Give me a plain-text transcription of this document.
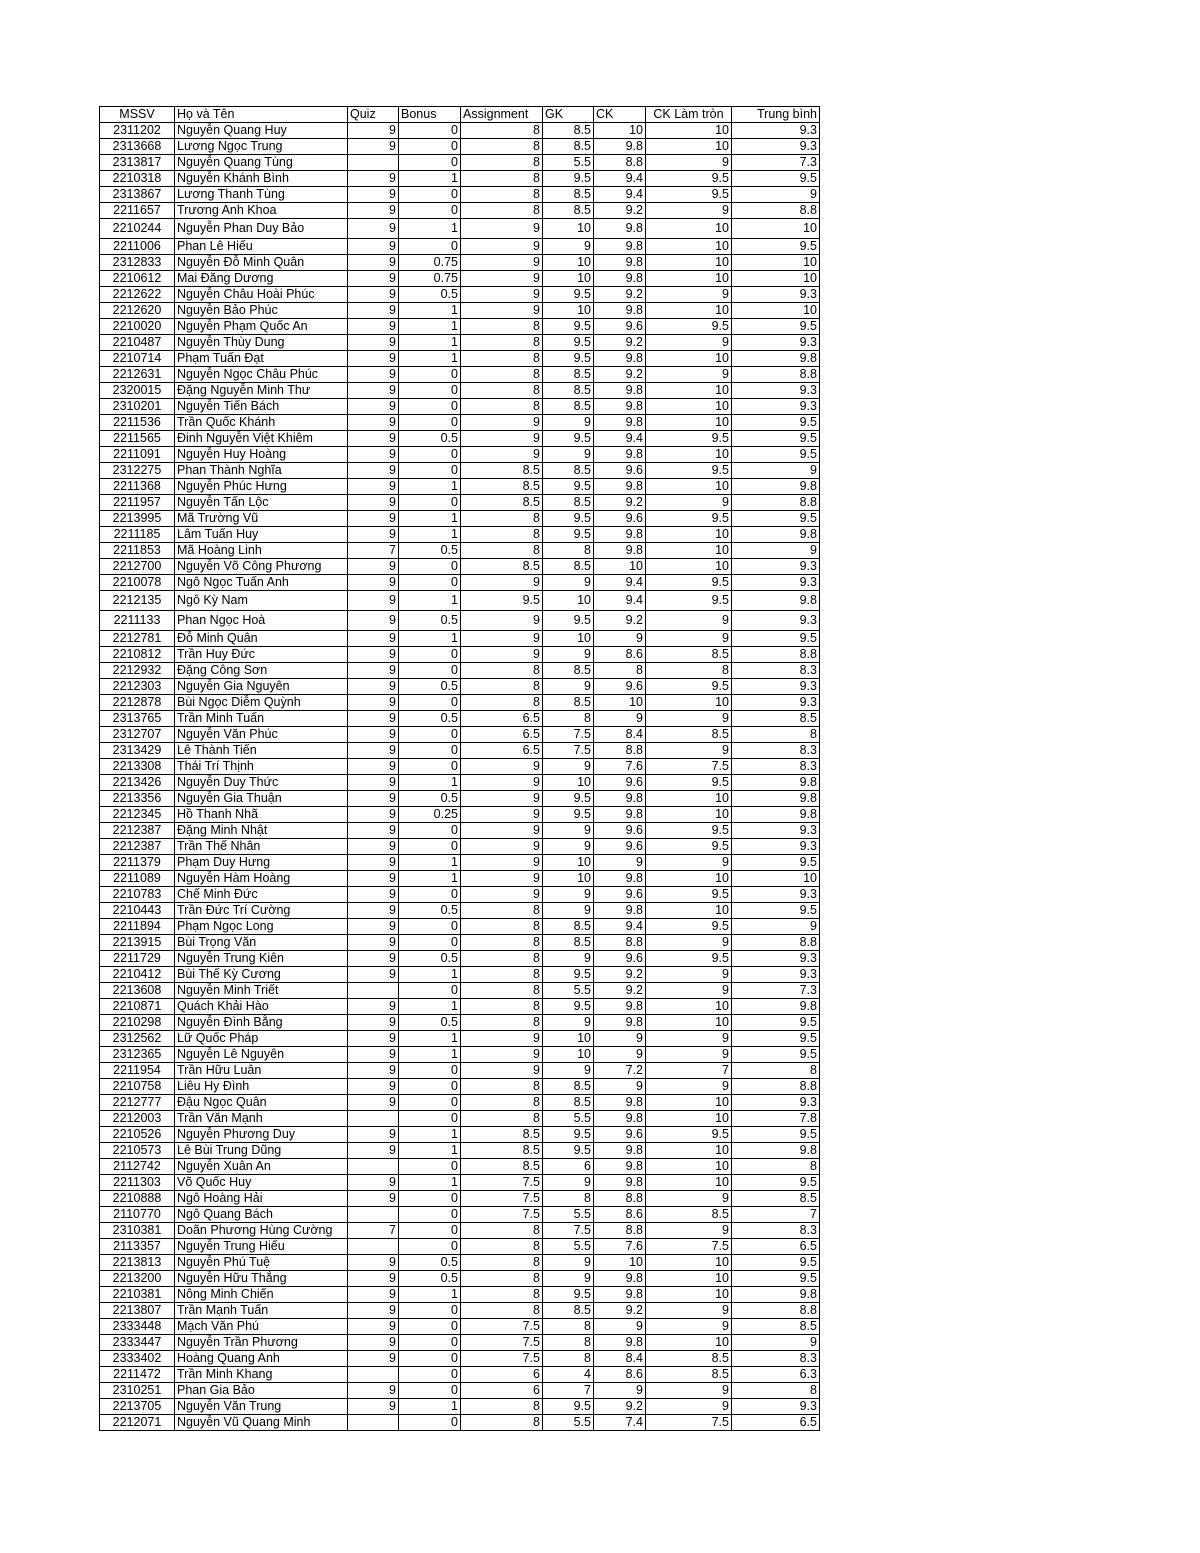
MSSV	Họ và Tên	Quiz	Bonus	Assignment	GK	CK	CK Làm tròn	Trung bình
2311202	Nguyễn Quang Huy	9	0	8	8.5	10	10	9.3
2313668	Lương Ngọc Trung	9	0	8	8.5	9.8	10	9.3
2313817	Nguyễn Quang Tùng		0	8	5.5	8.8	9	7.3
2210318	Nguyễn Khánh Bình	9	1	8	9.5	9.4	9.5	9.5
2313867	Lương Thanh Tùng	9	0	8	8.5	9.4	9.5	9
2211657	Trương Anh Khoa	9	0	8	8.5	9.2	9	8.8
2210244	Nguyễn Phan Duy Bảo	9	1	9	10	9.8	10	10
2211006	Phan Lê Hiếu	9	0	9	9	9.8	10	9.5
2312833	Nguyễn Đỗ Minh Quân	9	0.75	9	10	9.8	10	10
2210612	Mai Đăng Dương	9	0.75	9	10	9.8	10	10
2212622	Nguyễn Châu Hoài Phúc	9	0.5	9	9.5	9.2	9	9.3
2212620	Nguyễn Bảo Phúc	9	1	9	10	9.8	10	10
2210020	Nguyễn Phạm Quốc An	9	1	8	9.5	9.6	9.5	9.5
2210487	Nguyễn Thùy Dung	9	1	8	9.5	9.2	9	9.3
2210714	Phạm Tuấn Đạt	9	1	8	9.5	9.8	10	9.8
2212631	Nguyễn Ngọc Châu Phúc	9	0	8	8.5	9.2	9	8.8
2320015	Đặng Nguyễn Minh Thư	9	0	8	8.5	9.8	10	9.3
2310201	Nguyễn Tiến Bách	9	0	8	8.5	9.8	10	9.3
2211536	Trần Quốc Khánh	9	0	9	9	9.8	10	9.5
2211565	Đinh Nguyễn Việt Khiêm	9	0.5	9	9.5	9.4	9.5	9.5
2211091	Nguyễn Huy Hoàng	9	0	9	9	9.8	10	9.5
2312275	Phan Thành Nghĩa	9	0	8.5	8.5	9.6	9.5	9
2211368	Nguyễn Phúc Hưng	9	1	8.5	9.5	9.8	10	9.8
2211957	Nguyễn Tấn Lộc	9	0	8.5	8.5	9.2	9	8.8
2213995	Mã Trường Vũ	9	1	8	9.5	9.6	9.5	9.5
2211185	Lâm Tuấn Huy	9	1	8	9.5	9.8	10	9.8
2211853	Mã Hoàng Linh	7	0.5	8	8	9.8	10	9
2212700	Nguyễn Võ Công Phương	9	0	8.5	8.5	10	10	9.3
2210078	Ngô Ngọc Tuấn Anh	9	0	9	9	9.4	9.5	9.3
2212135	Ngô Kỳ Nam	9	1	9.5	10	9.4	9.5	9.8
2211133	Phan Ngọc Hoà	9	0.5	9	9.5	9.2	9	9.3
2212781	Đỗ Minh Quân	9	1	9	10	9	9	9.5
2210812	Trần Huy Đức	9	0	9	9	8.6	8.5	8.8
2212932	Đặng Công Sơn	9	0	8	8.5	8	8	8.3
2212303	Nguyễn Gia Nguyên	9	0.5	8	9	9.6	9.5	9.3
2212878	Bùi Ngọc Diễm Quỳnh	9	0	8	8.5	10	10	9.3
2313765	Trần Minh Tuấn	9	0.5	6.5	8	9	9	8.5
2312707	Nguyễn Văn Phúc	9	0	6.5	7.5	8.4	8.5	8
2313429	Lê Thành Tiến	9	0	6.5	7.5	8.8	9	8.3
2213308	Thái Trí Thịnh	9	0	9	9	7.6	7.5	8.3
2213426	Nguyễn Duy Thức	9	1	9	10	9.6	9.5	9.8
2213356	Nguyễn Gia Thuận	9	0.5	9	9.5	9.8	10	9.8
2212345	Hồ Thanh Nhã	9	0.25	9	9.5	9.8	10	9.8
2212387	Đặng Minh Nhật	9	0	9	9	9.6	9.5	9.3
2212387	Trần Thế Nhân	9	0	9	9	9.6	9.5	9.3
2211379	Phạm Duy Hưng	9	1	9	10	9	9	9.5
2211089	Nguyễn Hàm Hoàng	9	1	9	10	9.8	10	10
2210783	Chế Minh Đức	9	0	9	9	9.6	9.5	9.3
2210443	Trần Đức Trí Cường	9	0.5	8	9	9.8	10	9.5
2211894	Phạm Ngọc Long	9	0	8	8.5	9.4	9.5	9
2213915	Bùi Trọng Văn	9	0	8	8.5	8.8	9	8.8
2211729	Nguyễn Trung Kiên	9	0.5	8	9	9.6	9.5	9.3
2210412	Bùi Thế Kỳ Cương	9	1	8	9.5	9.2	9	9.3
2213608	Nguyễn Minh Triết		0	8	5.5	9.2	9	7.3
2210871	Quách Khải Hào	9	1	8	9.5	9.8	10	9.8
2210298	Nguyễn Đình Bằng	9	0.5	8	9	9.8	10	9.5
2312562	Lữ Quốc Pháp	9	1	9	10	9	9	9.5
2312365	Nguyễn Lê Nguyên	9	1	9	10	9	9	9.5
2211954	Trần Hữu Luân	9	0	9	9	7.2	7	8
2210758	Liêu Hy Đình	9	0	8	8.5	9	9	8.8
2212777	Đậu Ngọc Quân	9	0	8	8.5	9.8	10	9.3
2212003	Trần Văn Mạnh		0	8	5.5	9.8	10	7.8
2210526	Nguyễn Phương Duy	9	1	8.5	9.5	9.6	9.5	9.5
2210573	Lê Bùi Trung Dũng	9	1	8.5	9.5	9.8	10	9.8
2112742	Nguyễn Xuân An		0	8.5	6	9.8	10	8
2211303	Võ Quốc Huy	9	1	7.5	9	9.8	10	9.5
2210888	Ngô Hoàng Hải	9	0	7.5	8	8.8	9	8.5
2110770	Ngô Quang Bách		0	7.5	5.5	8.6	8.5	7
2310381	Doãn Phương Hùng Cường	7	0	8	7.5	8.8	9	8.3
2113357	Nguyễn Trung Hiếu		0	8	5.5	7.6	7.5	6.5
2213813	Nguyễn Phú Tuệ	9	0.5	8	9	10	10	9.5
2213200	Nguyễn Hữu Thắng	9	0.5	8	9	9.8	10	9.5
2210381	Nông Minh Chiến	9	1	8	9.5	9.8	10	9.8
2213807	Trần Mạnh Tuấn	9	0	8	8.5	9.2	9	8.8
2333448	Mạch Văn Phú	9	0	7.5	8	9	9	8.5
2333447	Nguyễn Trần Phương	9	0	7.5	8	9.8	10	9
2333402	Hoàng Quang Anh	9	0	7.5	8	8.4	8.5	8.3
2211472	Trần Minh Khang		0	6	4	8.6	8.5	6.3
2310251	Phan Gia Bảo	9	0	6	7	9	9	8
2213705	Nguyễn Văn Trung	9	1	8	9.5	9.2	9	9.3
2212071	Nguyễn Vũ Quang Minh		0	8	5.5	7.4	7.5	6.5
